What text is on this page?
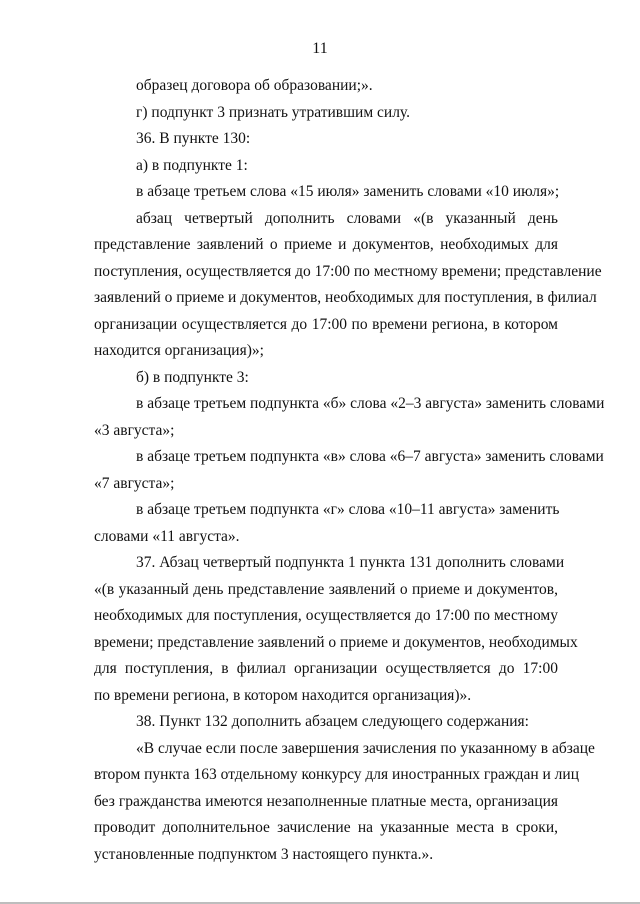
11
образец договора об образовании;».
г) подпункт 3 признать утратившим силу.
36. В пункте 130:
а) в подпункте 1:
в абзаце третьем слова «15 июля» заменить словами «10 июля»;
абзац четвертый дополнить словами «(в указанный день
представление заявлений о приеме и документов, необходимых для
поступления, осуществляется до 17:00 по местному времени; представление
заявлений о приеме и документов, необходимых для поступления, в филиал
организации осуществляется до 17:00 по времени региона, в котором
находится организация)»;
б) в подпункте 3:
в абзаце третьем подпункта «б» слова «2–3 августа» заменить словами
«3 августа»;
в абзаце третьем подпункта «в» слова «6–7 августа» заменить словами
«7 августа»;
в абзаце третьем подпункта «г» слова «10–11 августа» заменить
словами «11 августа».
37. Абзац четвертый подпункта 1 пункта 131 дополнить словами
«(в указанный день представление заявлений о приеме и документов,
необходимых для поступления, осуществляется до 17:00 по местному
времени; представление заявлений о приеме и документов, необходимых
для поступления, в филиал организации осуществляется до 17:00
по времени региона, в котором находится организация)».
38. Пункт 132 дополнить абзацем следующего содержания:
«В случае если после завершения зачисления по указанному в абзаце
втором пункта 163 отдельному конкурсу для иностранных граждан и лиц
без гражданства имеются незаполненные платные места, организация
проводит дополнительное зачисление на указанные места в сроки,
установленные подпунктом 3 настоящего пункта.».
